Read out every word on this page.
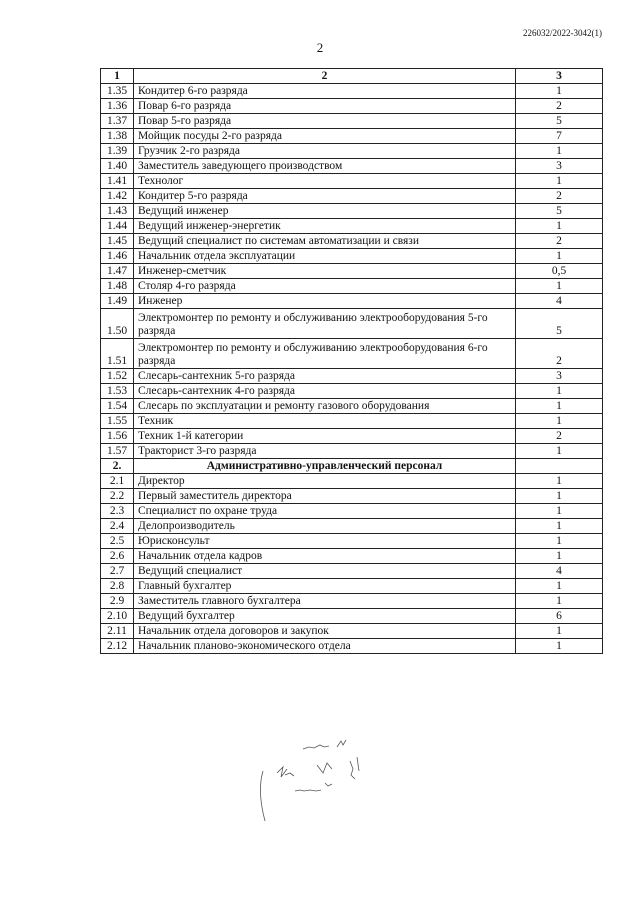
226032/2022-3042(1)
2
1	2	3
1.35	Кондитер 6-го разряда	1
1.36	Повар 6-го разряда	2
1.37	Повар 5-го разряда	5
1.38	Мойщик посуды 2-го разряда	7
1.39	Грузчик 2-го разряда	1
1.40	Заместитель заведующего производством	3
1.41	Технолог	1
1.42	Кондитер 5-го разряда	2
1.43	Ведущий инженер	5
1.44	Ведущий инженер-энергетик	1
1.45	Ведущий специалист по системам автоматизации и связи	2
1.46	Начальник отдела эксплуатации	1
1.47	Инженер-сметчик	0,5
1.48	Столяр 4-го разряда	1
1.49	Инженер	4
1.50	Электромонтер по ремонту и обслуживанию электрооборудования 5-го разряда	5
1.51	Электромонтер по ремонту и обслуживанию электрооборудования 6-го разряда	2
1.52	Слесарь-сантехник 5-го разряда	3
1.53	Слесарь-сантехник 4-го разряда	1
1.54	Слесарь по эксплуатации и ремонту газового оборудования	1
1.55	Техник	1
1.56	Техник 1-й категории	2
1.57	Тракторист 3-го разряда	1
2.	Административно-управленческий персонал	
2.1	Директор	1
2.2	Первый заместитель директора	1
2.3	Специалист по охране труда	1
2.4	Делопроизводитель	1
2.5	Юрисконсульт	1
2.6	Начальник отдела кадров	1
2.7	Ведущий специалист	4
2.8	Главный бухгалтер	1
2.9	Заместитель главного бухгалтера	1
2.10	Ведущий бухгалтер	6
2.11	Начальник отдела договоров и закупок	1
2.12	Начальник планово-экономического отдела	1
